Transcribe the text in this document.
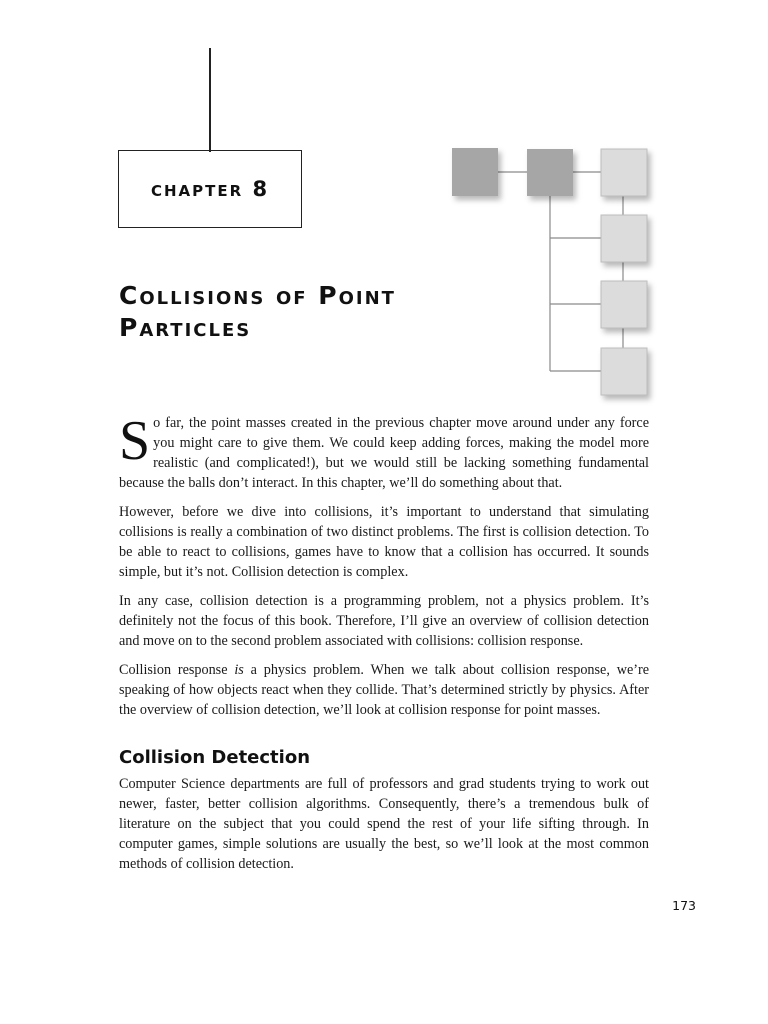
chapter 8
Collisions of Point
Particles

So far, the point masses created in the previous chapter move around under any force you might care to give them. We could keep adding forces, making the model more realistic (and complicated!), but we would still be lacking something fundamental because the balls don’t interact. In this chapter, we’ll do something about that.

However, before we dive into collisions, it’s important to understand that simulating collisions is really a combination of two distinct problems. The first is collision detection. To be able to react to collisions, games have to know that a collision has occurred. It sounds simple, but it’s not. Collision detection is complex.

In any case, collision detection is a programming problem, not a physics problem. It’s definitely not the focus of this book. Therefore, I’ll give an overview of collision detection and move on to the second problem associated with collisions: collision response.

Collision response is a physics problem. When we talk about collision response, we’re speaking of how objects react when they collide. That’s determined strictly by physics. After the overview of collision detection, we’ll look at collision response for point masses.

Collision Detection

Computer Science departments are full of professors and grad students trying to work out newer, faster, better collision algorithms. Consequently, there’s a tremendous bulk of literature on the subject that you could spend the rest of your life sifting through. In computer games, simple solutions are usually the best, so we’ll look at the most common methods of collision detection.

173
